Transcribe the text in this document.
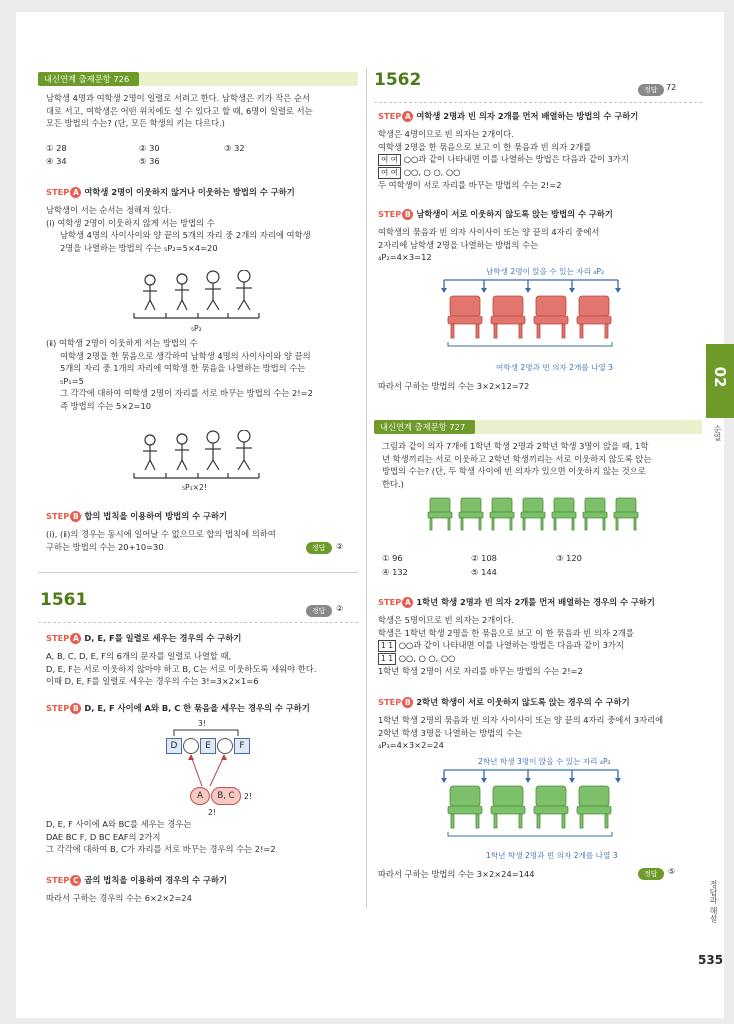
내신연계 출제문항 726
남학생 4명과 여학생 2명이 일렬로 서려고 한다. 남학생은 키가 작은 순서
대로 서고, 여학생은 어떤 위치에도 설 수 있다고 할 때, 6명이 일렬로 서는
모든 방법의 수는? (단, 모든 학생의 키는 다르다.)
① 28	② 30	③ 32
④ 34	⑤ 36
STEP A 여학생 2명이 이웃하지 않거나 이웃하는 방법의 수 구하기
남학생이 서는 순서는 정해져 있다.
(ⅰ) 여학생 2명이 이웃하지 않게 서는 방법의 수
남학생 4명의 사이사이와 양 끝의 5개의 자리 중 2개의 자리에 여학생
2명을 나열하는 방법의 수는 ₅P₂=5×4=20
₅P₂
(ⅱ) 여학생 2명이 이웃하게 서는 방법의 수
여학생 2명을 한 묶음으로 생각하여 남학생 4명의 사이사이와 양 끝의
5개의 자리 중 1개의 자리에 여학생 한 묶음을 나열하는 방법의 수는
₅P₁=5
그 각각에 대하여 여학생 2명이 자리를 서로 바꾸는 방법의 수는 2!=2
즉 방법의 수는 5×2=10
₅P₁×2!
STEP B 합의 법칙을 이용하여 방법의 수 구하기
(ⅰ), (ⅱ)의 경우는 동시에 일어날 수 없으므로 합의 법칙에 의하여
구하는 방법의 수는 20+10=30	정답	②
1561
정답	②
STEP A D, E, F를 일렬로 세우는 경우의 수 구하기
A, B, C, D, E, F의 6개의 문자를 일렬로 나열할 때,
D, E, F는 서로 이웃하지 않아야 하고 B, C는 서로 이웃하도록 세워야 한다.
이때 D, E, F를 일렬로 세우는 경우의 수는 3!=3×2×1=6
STEP B D, E, F 사이에 A와 B, C 한 묶음을 세우는 경우의 수 구하기
3!
D	E	F
A	B, C	2!
2!
D, E, F 사이에 A와 BC를 세우는 경우는
DAE BC F, D BC EAF의 2가지
그 각각에 대하여 B, C가 자리를 서로 바꾸는 경우의 수는 2!=2
STEP C 곱의 법칙을 이용하여 경우의 수 구하기
따라서 구하는 경우의 수는 6×2×2=24
1562	정답	72
STEP A 여학생 2명과 빈 의자 2개를 먼저 배열하는 방법의 수 구하기
학생은 4명이므로 빈 의자는 2개이다.
여학생 2명을 한 묶음으로 보고 이 한 묶음과 빈 의자 2개를
여 여 ○○과 같이 나타내면 이를 나열하는 방법은 다음과 같이 3가지
여 여 ○○, ○ ○, ○○
두 여학생이 서로 자리를 바꾸는 방법의 수는 2!=2
STEP B 남학생이 서로 이웃하지 않도록 앉는 방법의 수 구하기
여학생의 묶음과 빈 의자 사이사이 또는 양 끝의 4자리 중에서
2자리에 남학생 2명을 나열하는 방법의 수는
₄P₂=4×3=12
남학생 2명이 앉을 수 있는 자리 ₄P₂
여학생 2명과 빈 의자 2개를 나열 3
따라서 구하는 방법의 수는 3×2×12=72
내신연계 출제문항 727
그림과 같이 의자 7개에 1학년 학생 2명과 2학년 학생 3명이 앉을 때, 1학
년 학생끼리는 서로 이웃하고 2학년 학생끼리는 서로 이웃하지 않도록 앉는
방법의 수는? (단, 두 학생 사이에 빈 의자가 있으면 이웃하지 않는 것으로
한다.)
① 96	② 108	③ 120
④ 132	⑤ 144
STEP A 1학년 학생 2명과 빈 의자 2개를 먼저 배열하는 경우의 수 구하기
학생은 5명이므로 빈 의자는 2개이다.
학생은 1학년 학생 2명을 한 묶음으로 보고 이 한 묶음과 빈 의자 2개를
1 1 ○○과 같이 나타내면 이를 나열하는 방법은 다음과 같이 3가지
1 1 ○○, ○ ○, ○○
1학년 학생 2명이 서로 자리를 바꾸는 방법의 수는 2!=2
STEP B 2학년 학생이 서로 이웃하지 않도록 앉는 경우의 수 구하기
1학년 학생 2명의 묶음과 빈 의자 사이사이 또는 양 끝의 4자리 중에서 3자리에
2학년 학생 3명을 나열하는 방법의 수는
₄P₃=4×3×2=24
2학년 학생 3명이 앉을 수 있는 자리 ₄P₃
1학년 학생 2명과 빈 의자 2개를 나열 3
따라서 구하는 방법의 수는 3×2×24=144	정답	⑤
535
02
순열
정답과 해설
